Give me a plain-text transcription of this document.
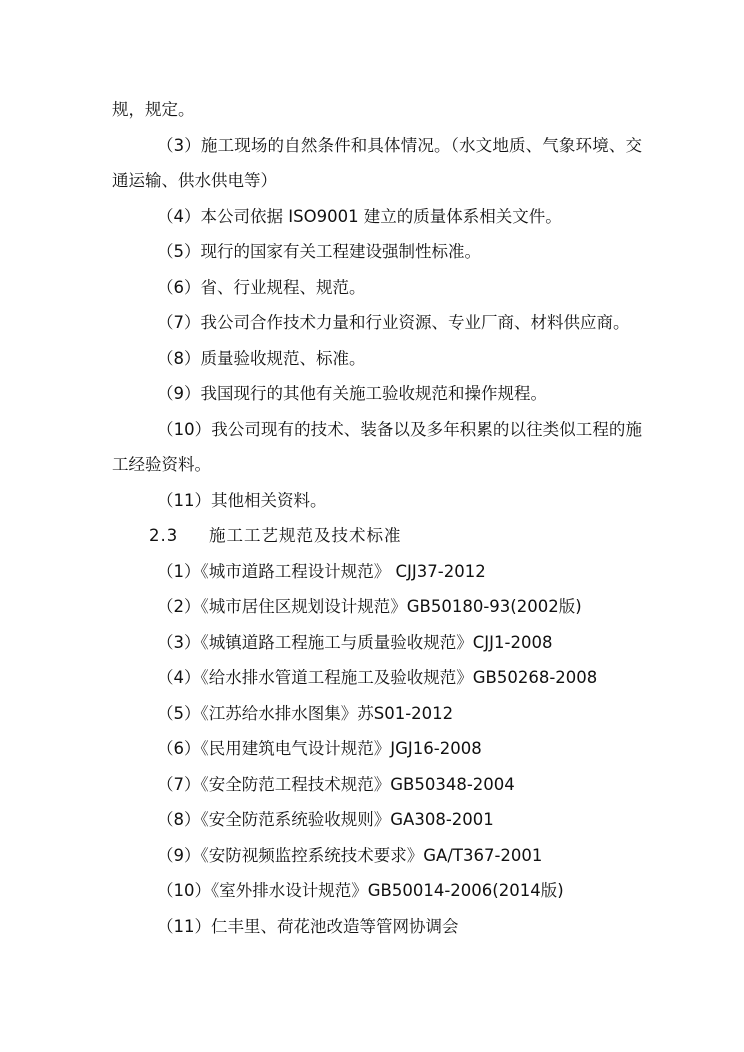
规，规定。

（3）施工现场的自然条件和具体情况。（水文地质、气象环境、交通运输、供水供电等）

（4）本公司依据 ISO9001 建立的质量体系相关文件。

（5）现行的国家有关工程建设强制性标准。

（6）省、行业规程、规范。

（7）我公司合作技术力量和行业资源、专业厂商、材料供应商。

（8）质量验收规范、标准。

（9）我国现行的其他有关施工验收规范和操作规程。

（10）我公司现有的技术、装备以及多年积累的以往类似工程的施工经验资料。

（11）其他相关资料。

2.3 施工工艺规范及技术标准

（1）《城市道路工程设计规范》 CJJ37-2012

（2）《城市居住区规划设计规范》GB50180-93(2002版)

（3）《城镇道路工程施工与质量验收规范》CJJ1-2008

（4）《给水排水管道工程施工及验收规范》GB50268-2008

（5）《江苏给水排水图集》苏S01-2012

（6）《民用建筑电气设计规范》JGJ16-2008

（7）《安全防范工程技术规范》GB50348-2004

（8）《安全防范系统验收规则》GA308-2001

（9）《安防视频监控系统技术要求》GA/T367-2001

（10）《室外排水设计规范》GB50014-2006(2014版)

（11）仁丰里、荷花池改造等管网协调会
